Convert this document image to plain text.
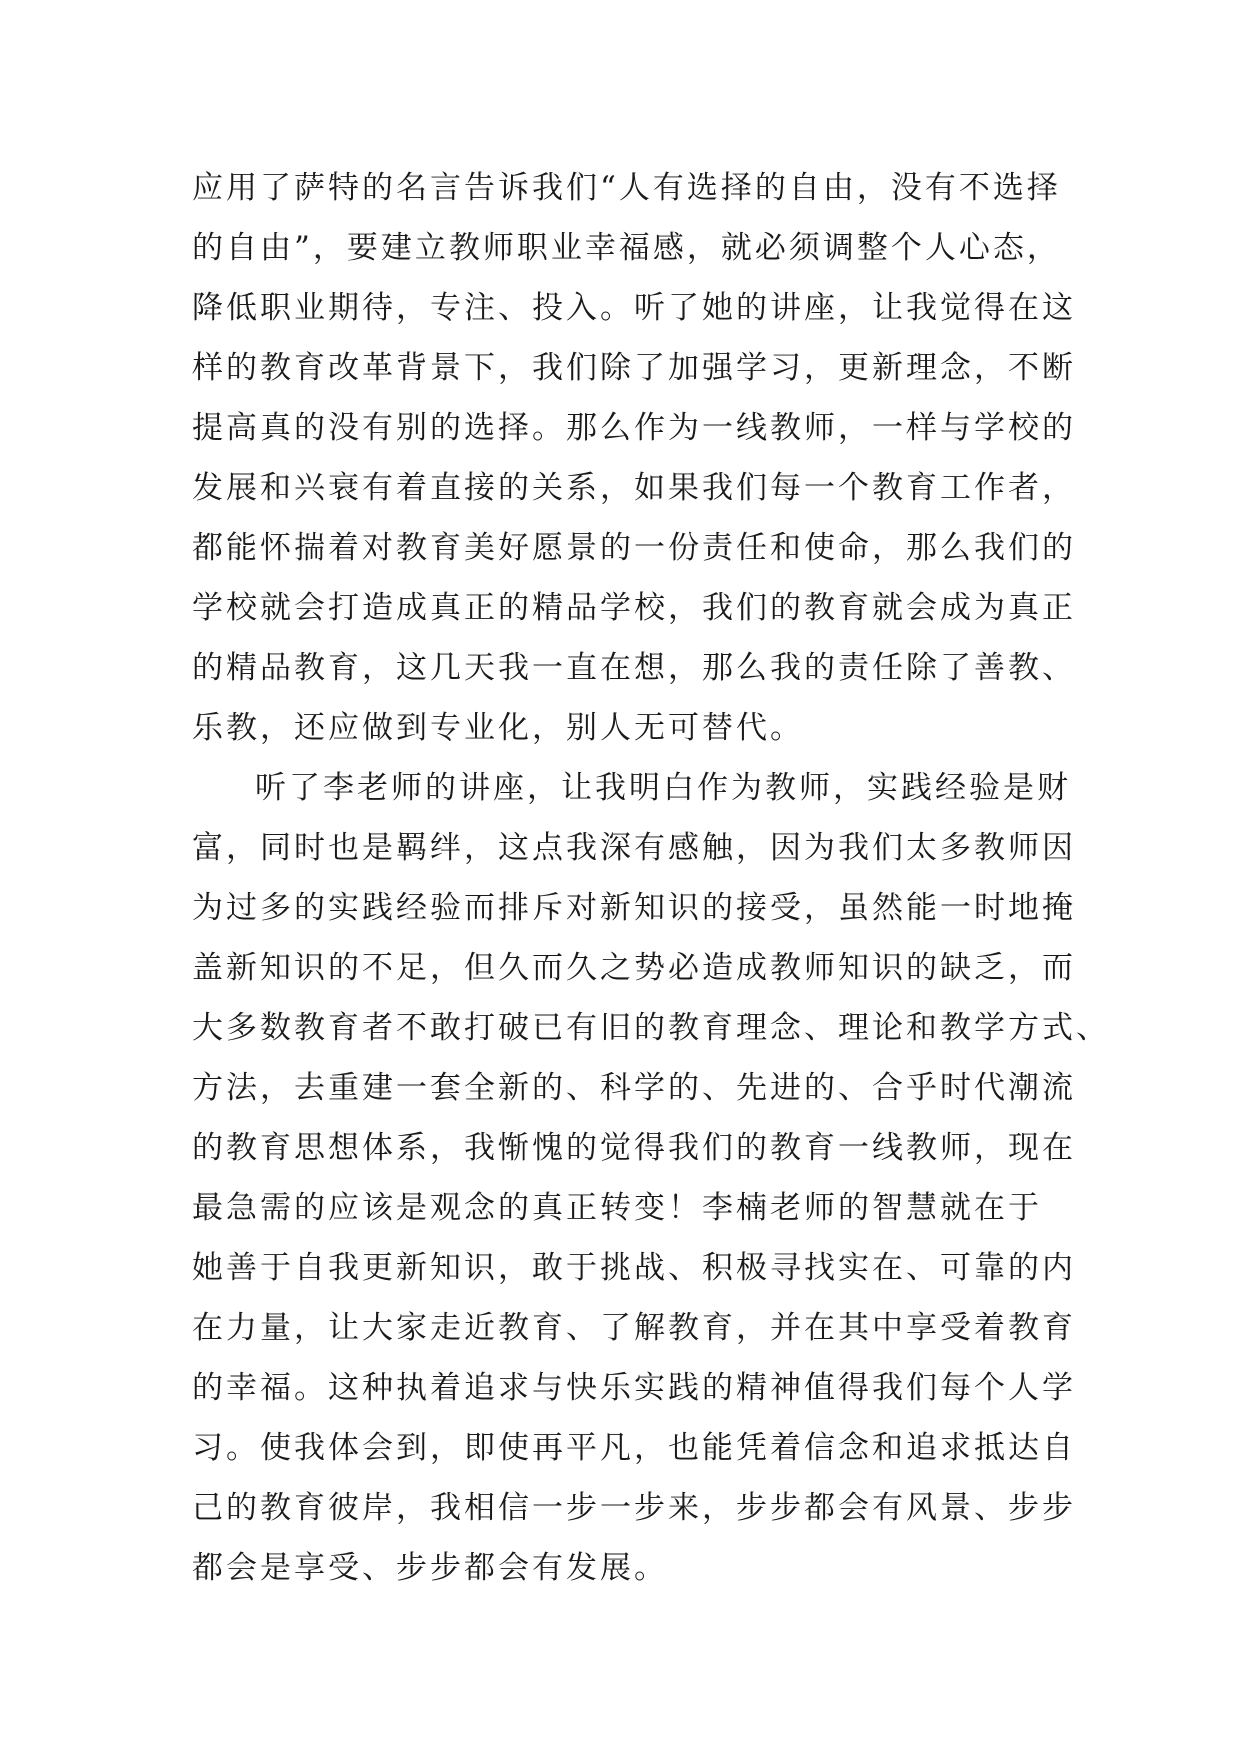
应用了萨特的名言告诉我们“人有选择的自由，没有不选择
的自由”，要建立教师职业幸福感，就必须调整个人心态，
降低职业期待，专注、投入。听了她的讲座，让我觉得在这
样的教育改革背景下，我们除了加强学习，更新理念，不断
提高真的没有别的选择。那么作为一线教师，一样与学校的
发展和兴衰有着直接的关系，如果我们每一个教育工作者，
都能怀揣着对教育美好愿景的一份责任和使命，那么我们的
学校就会打造成真正的精品学校，我们的教育就会成为真正
的精品教育，这几天我一直在想，那么我的责任除了善教、
乐教，还应做到专业化，别人无可替代。
听了李老师的讲座，让我明白作为教师，实践经验是财
富，同时也是羁绊，这点我深有感触，因为我们太多教师因
为过多的实践经验而排斥对新知识的接受，虽然能一时地掩
盖新知识的不足，但久而久之势必造成教师知识的缺乏，而
大多数教育者不敢打破已有旧的教育理念、理论和教学方式、
方法，去重建一套全新的、科学的、先进的、合乎时代潮流
的教育思想体系，我惭愧的觉得我们的教育一线教师，现在
最急需的应该是观念的真正转变！李楠老师的智慧就在于
她善于自我更新知识，敢于挑战、积极寻找实在、可靠的内
在力量，让大家走近教育、了解教育，并在其中享受着教育
的幸福。这种执着追求与快乐实践的精神值得我们每个人学
习。使我体会到，即使再平凡，也能凭着信念和追求抵达自
己的教育彼岸，我相信一步一步来，步步都会有风景、步步
都会是享受、步步都会有发展。
